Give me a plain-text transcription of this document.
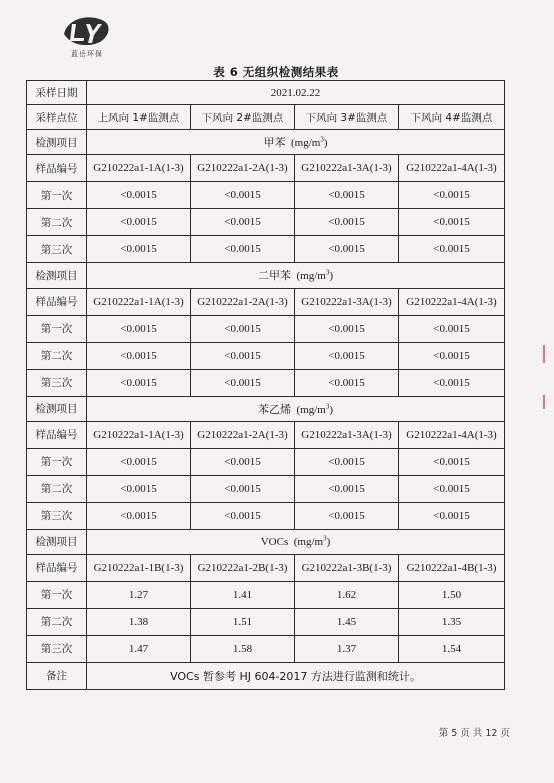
蓝岳环保
表 6 无组织检测结果表
采样日期	2021.02.22			
采样点位	上风向 1#监测点	下风向 2#监测点	下风向 3#监测点	下风向 4#监测点
检测项目	甲苯 $(mg/m^3)$			
样品编号	G210222a1-1A(1-3)	G210222a1-2A(1-3)	G210222a1-3A(1-3)	G210222a1-4A(1-3)
第一次	<0.0015	<0.0015	<0.0015	<0.0015
第二次	<0.0015	<0.0015	<0.0015	<0.0015
第三次	<0.0015	<0.0015	<0.0015	<0.0015
检测项目	二甲苯 $(mg/m^3)$			
样品编号	G210222a1-1A(1-3)	G210222a1-2A(1-3)	G210222a1-3A(1-3)	G210222a1-4A(1-3)
第一次	<0.0015	<0.0015	<0.0015	<0.0015
第二次	<0.0015	<0.0015	<0.0015	<0.0015
第三次	<0.0015	<0.0015	<0.0015	<0.0015
检测项目	苯乙烯 $(mg/m^3)$			
样品编号	G210222a1-1A(1-3)	G210222a1-2A(1-3)	G210222a1-3A(1-3)	G210222a1-4A(1-3)
第一次	<0.0015	<0.0015	<0.0015	<0.0015
第二次	<0.0015	<0.0015	<0.0015	<0.0015
第三次	<0.0015	<0.0015	<0.0015	<0.0015
检测项目	VOCs $(mg/m^3)$			
样品编号	G210222a1-1B(1-3)	G210222a1-2B(1-3)	G210222a1-3B(1-3)	G210222a1-4B(1-3)
第一次	1.27	1.41	1.62	1.50
第二次	1.38	1.51	1.45	1.35
第三次	1.47	1.58	1.37	1.54
备注	VOCs 暂参考 HJ 604-2017 方法进行监测和统计。			
第 5 页 共 12 页
